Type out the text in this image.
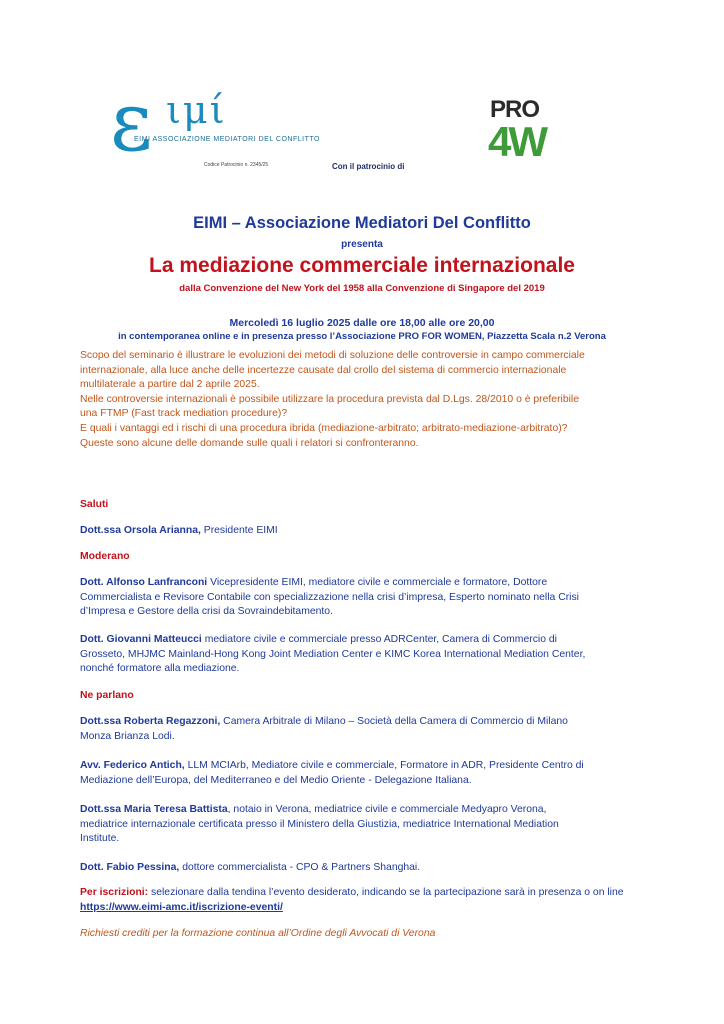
ε ιμί
EIMI ASSOCIAZIONE MEDIATORI DEL CONFLITTO
Codice Patrocinio n. 2345/25	Con il patrocinio di
PRO
4W
EIMI – Associazione Mediatori Del Conflitto
presenta
La mediazione commerciale internazionale
dalla Convenzione del New York del 1958 alla Convenzione di Singapore del 2019
Mercoledì 16 luglio 2025 dalle ore 18,00 alle ore 20,00
in contemporanea online e in presenza presso l’Associazione PRO FOR WOMEN, Piazzetta Scala n.2 Verona
Scopo del seminario è illustrare le evoluzioni dei metodi di soluzione delle controversie in campo commerciale
internazionale, alla luce anche delle incertezze causate dal crollo del sistema di commercio internazionale
multilaterale a partire dal 2 aprile 2025.
Nelle controversie internazionali è possibile utilizzare la procedura prevista dal D.Lgs. 28/2010 o è preferibile
una FTMP (Fast track mediation procedure)?
E quali i vantaggi ed i rischi di una procedura ibrida (mediazione-arbitrato; arbitrato-mediazione-arbitrato)?
Queste sono alcune delle domande sulle quali i relatori si confronteranno.
Saluti
Dott.ssa Orsola Arianna, Presidente EIMI
Moderano
Dott. Alfonso Lanfranconi Vicepresidente EIMI, mediatore civile e commerciale e formatore, Dottore
Commercialista e Revisore Contabile con specializzazione nella crisi d’impresa, Esperto nominato nella Crisi
d’Impresa e Gestore della crisi da Sovraindebitamento.
Dott. Giovanni Matteucci mediatore civile e commerciale presso ADRCenter, Camera di Commercio di
Grosseto, MHJMC Mainland-Hong Kong Joint Mediation Center e KIMC Korea International Mediation Center,
nonché formatore alla mediazione.
Ne parlano
Dott.ssa Roberta Regazzoni, Camera Arbitrale di Milano – Società della Camera di Commercio di Milano
Monza Brianza Lodi.
Avv. Federico Antich, LLM MCIArb, Mediatore civile e commerciale, Formatore in ADR, Presidente Centro di
Mediazione dell’Europa, del Mediterraneo e del Medio Oriente - Delegazione Italiana.
Dott.ssa Maria Teresa Battista, notaio in Verona, mediatrice civile e commerciale Medyapro Verona,
mediatrice internazionale certificata presso il Ministero della Giustizia, mediatrice International Mediation
Institute.
Dott. Fabio Pessina, dottore commercialista - CPO & Partners Shanghai.
Per iscrizioni: selezionare dalla tendina l’evento desiderato, indicando se la partecipazione sarà in presenza o on line
https://www.eimi-amc.it/iscrizione-eventi/
Richiesti crediti per la formazione continua all’Ordine degli Avvocati di Verona
